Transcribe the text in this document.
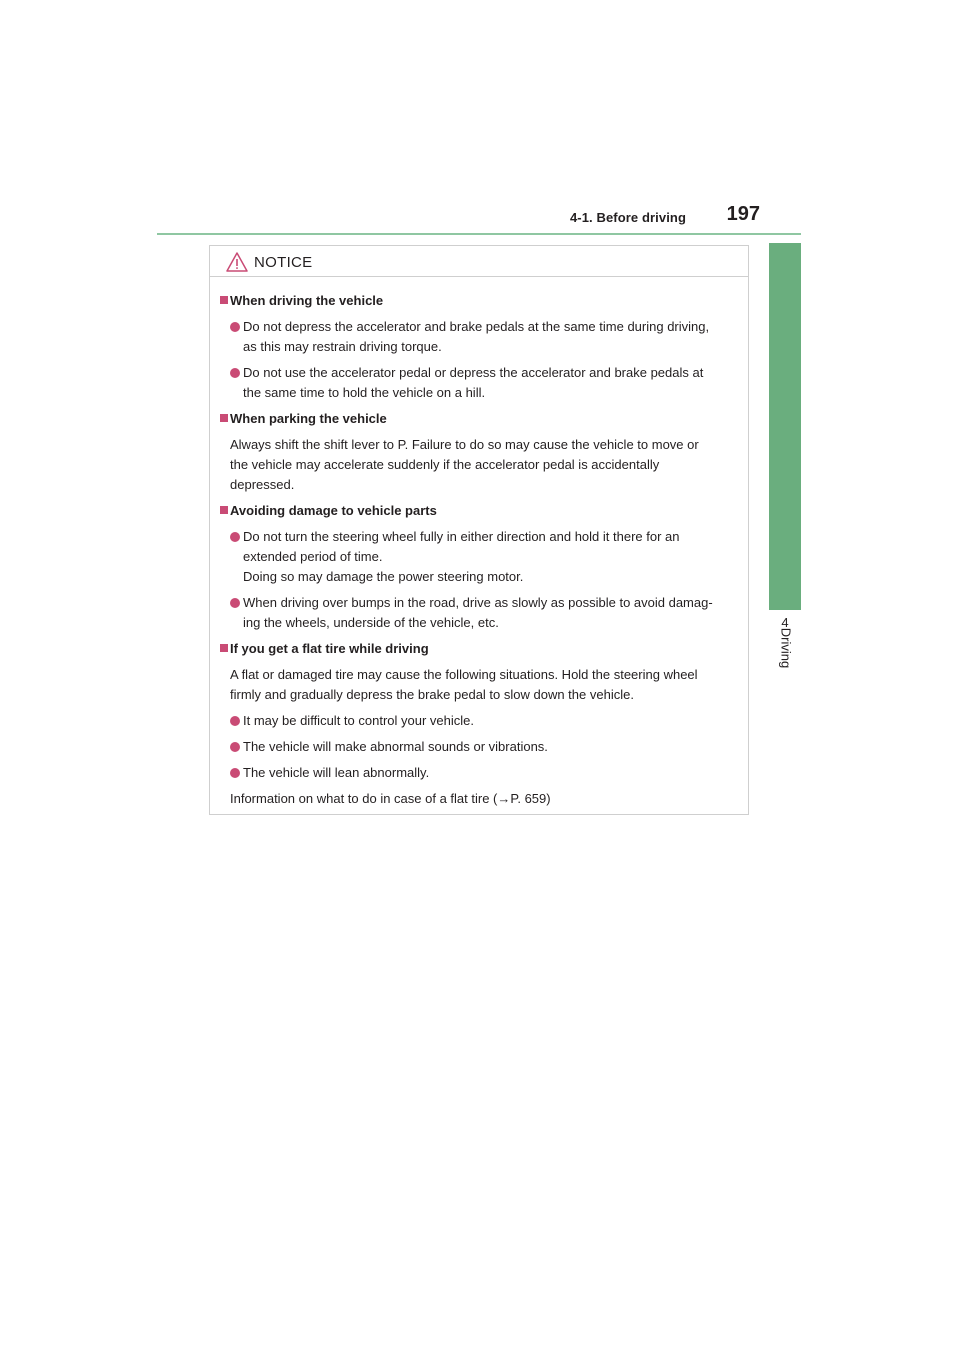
4-1. Before driving 197
4
Driving
NOTICE
When driving the vehicle
Do not depress the accelerator and brake pedals at the same time during driving,
as this may restrain driving torque.
Do not use the accelerator pedal or depress the accelerator and brake pedals at
the same time to hold the vehicle on a hill.
When parking the vehicle
Always shift the shift lever to P. Failure to do so may cause the vehicle to move or
the vehicle may accelerate suddenly if the accelerator pedal is accidentally
depressed.
Avoiding damage to vehicle parts
Do not turn the steering wheel fully in either direction and hold it there for an
extended period of time.
Doing so may damage the power steering motor.
When driving over bumps in the road, drive as slowly as possible to avoid damag-
ing the wheels, underside of the vehicle, etc.
If you get a flat tire while driving
A flat or damaged tire may cause the following situations. Hold the steering wheel
firmly and gradually depress the brake pedal to slow down the vehicle.
It may be difficult to control your vehicle.
The vehicle will make abnormal sounds or vibrations.
The vehicle will lean abnormally.
Information on what to do in case of a flat tire (→P. 659)
